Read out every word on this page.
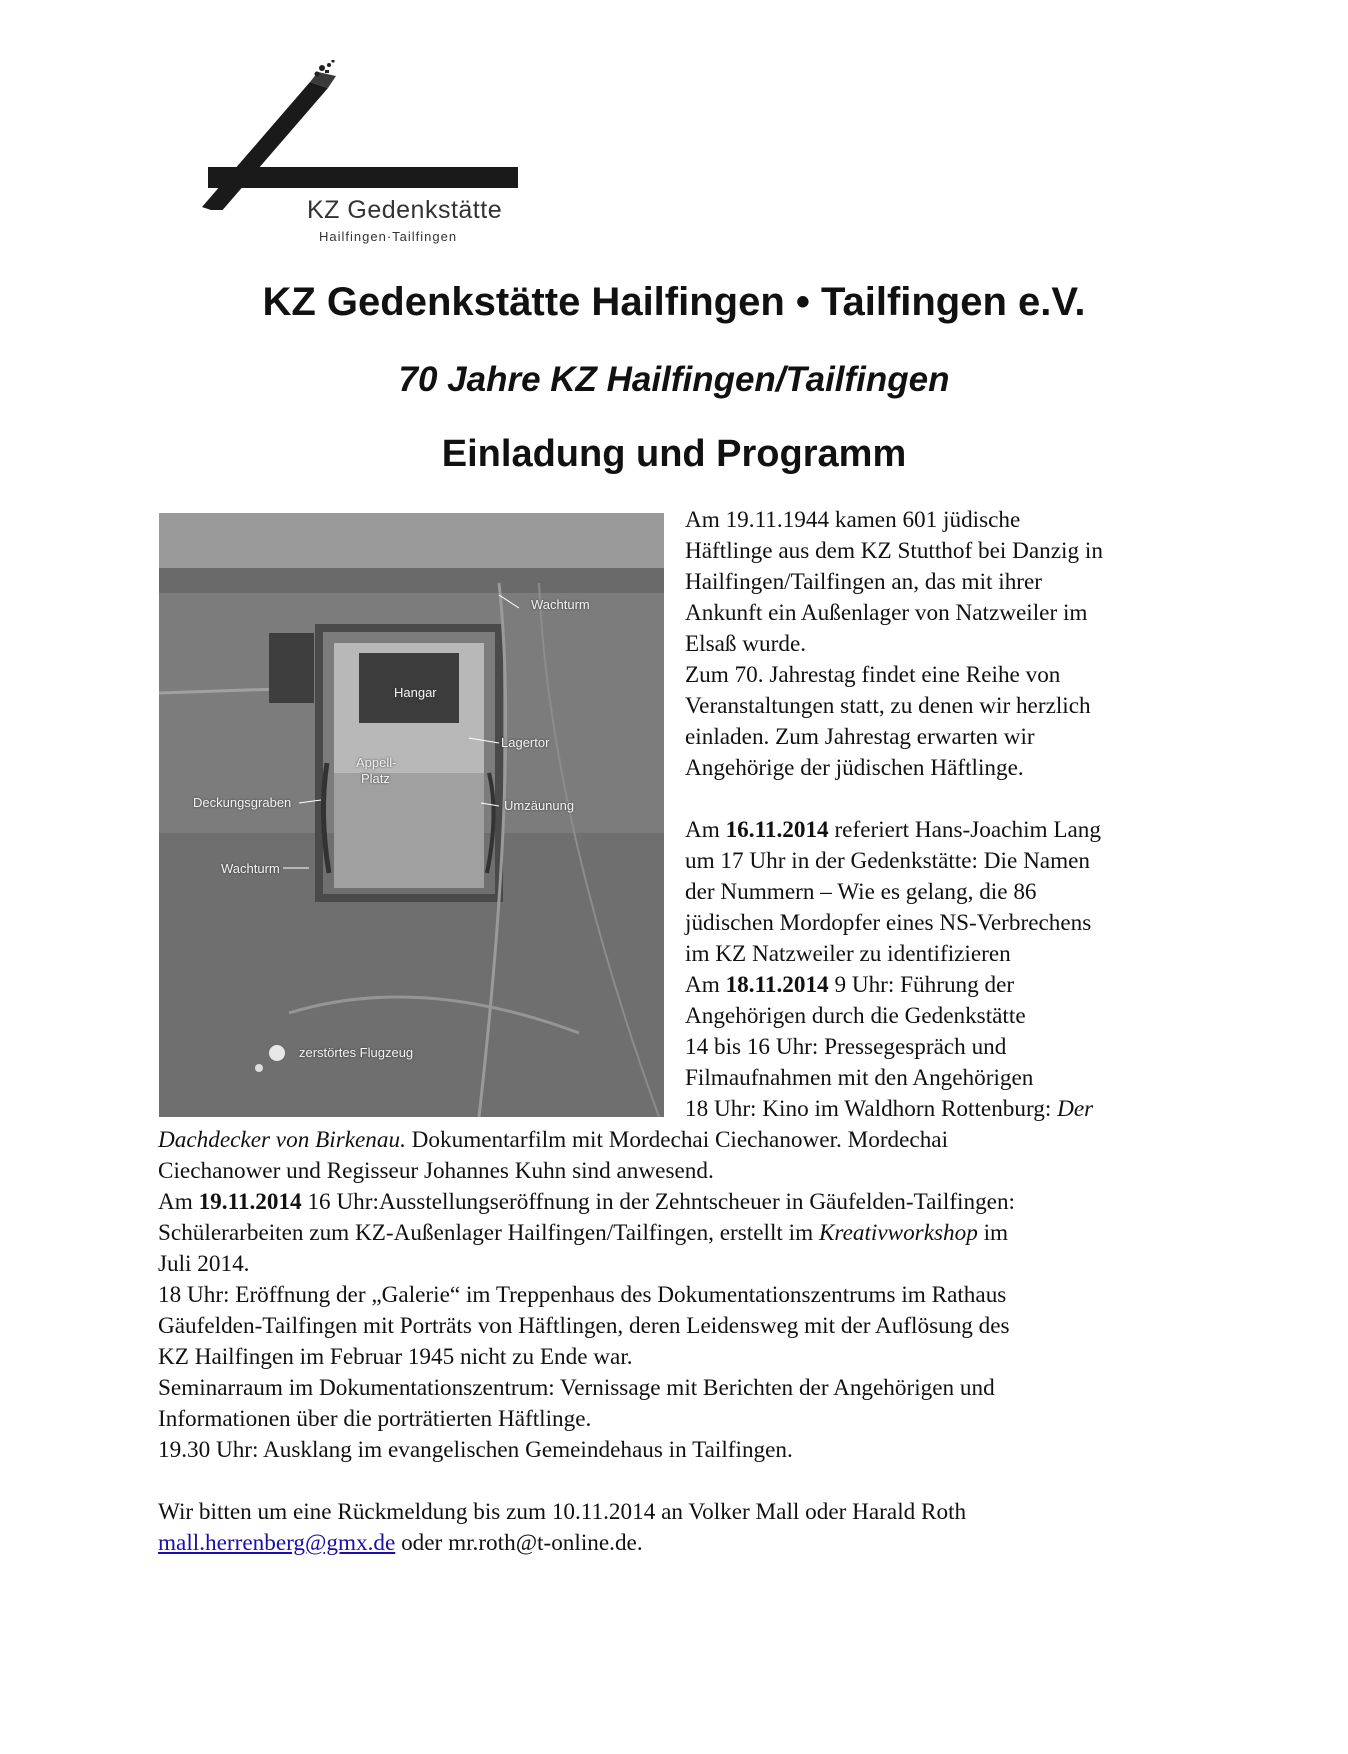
KZ Gedenkstätte
Hailfingen·Tailfingen
KZ Gedenkstätte Hailfingen • Tailfingen e.V.
70 Jahre KZ Hailfingen/Tailfingen
Einladung und Programm
Wachturm
Hangar
Lagertor
Appell-
Platz
Deckungsgraben	Umzäunung
Wachturm
zerstörtes Flugzeug

Am 19.11.1944 kamen 601 jüdische

Häftlinge aus dem KZ Stutthof bei Danzig in

Hailfingen/Tailfingen an, das mit ihrer

Ankunft ein Außenlager von Natzweiler im

Elsaß wurde.

Zum 70. Jahrestag findet eine Reihe von

Veranstaltungen statt, zu denen wir herzlich

einladen. Zum Jahrestag erwarten wir

Angehörige der jüdischen Häftlinge.

Am 16.11.2014 referiert Hans-Joachim Lang

um 17 Uhr in der Gedenkstätte: Die Namen

der Nummern – Wie es gelang, die 86

jüdischen Mordopfer eines NS-Verbrechens

im KZ Natzweiler zu identifizieren

Am 18.11.2014 9 Uhr: Führung der

Angehörigen durch die Gedenkstätte

14 bis 16 Uhr: Pressegespräch und

Filmaufnahmen mit den Angehörigen

18 Uhr: Kino im Waldhorn Rottenburg: Der

Dachdecker von Birkenau. Dokumentarfilm mit Mordechai Ciechanower. Mordechai

Ciechanower und Regisseur Johannes Kuhn sind anwesend.

Am 19.11.2014 16 Uhr:Ausstellungseröffnung in der Zehntscheuer in Gäufelden-Tailfingen:

Schülerarbeiten zum KZ-Außenlager Hailfingen/Tailfingen, erstellt im Kreativworkshop im

Juli 2014.

18 Uhr: Eröffnung der „Galerie“ im Treppenhaus des Dokumentationszentrums im Rathaus

Gäufelden-Tailfingen mit Porträts von Häftlingen, deren Leidensweg mit der Auflösung des

KZ Hailfingen im Februar 1945 nicht zu Ende war.

Seminarraum im Dokumentationszentrum: Vernissage mit Berichten der Angehörigen und

Informationen über die porträtierten Häftlinge.

19.30 Uhr: Ausklang im evangelischen Gemeindehaus in Tailfingen.

Wir bitten um eine Rückmeldung bis zum 10.11.2014 an Volker Mall oder Harald Roth

mall.herrenberg@gmx.de oder mr.roth@t-online.de.
